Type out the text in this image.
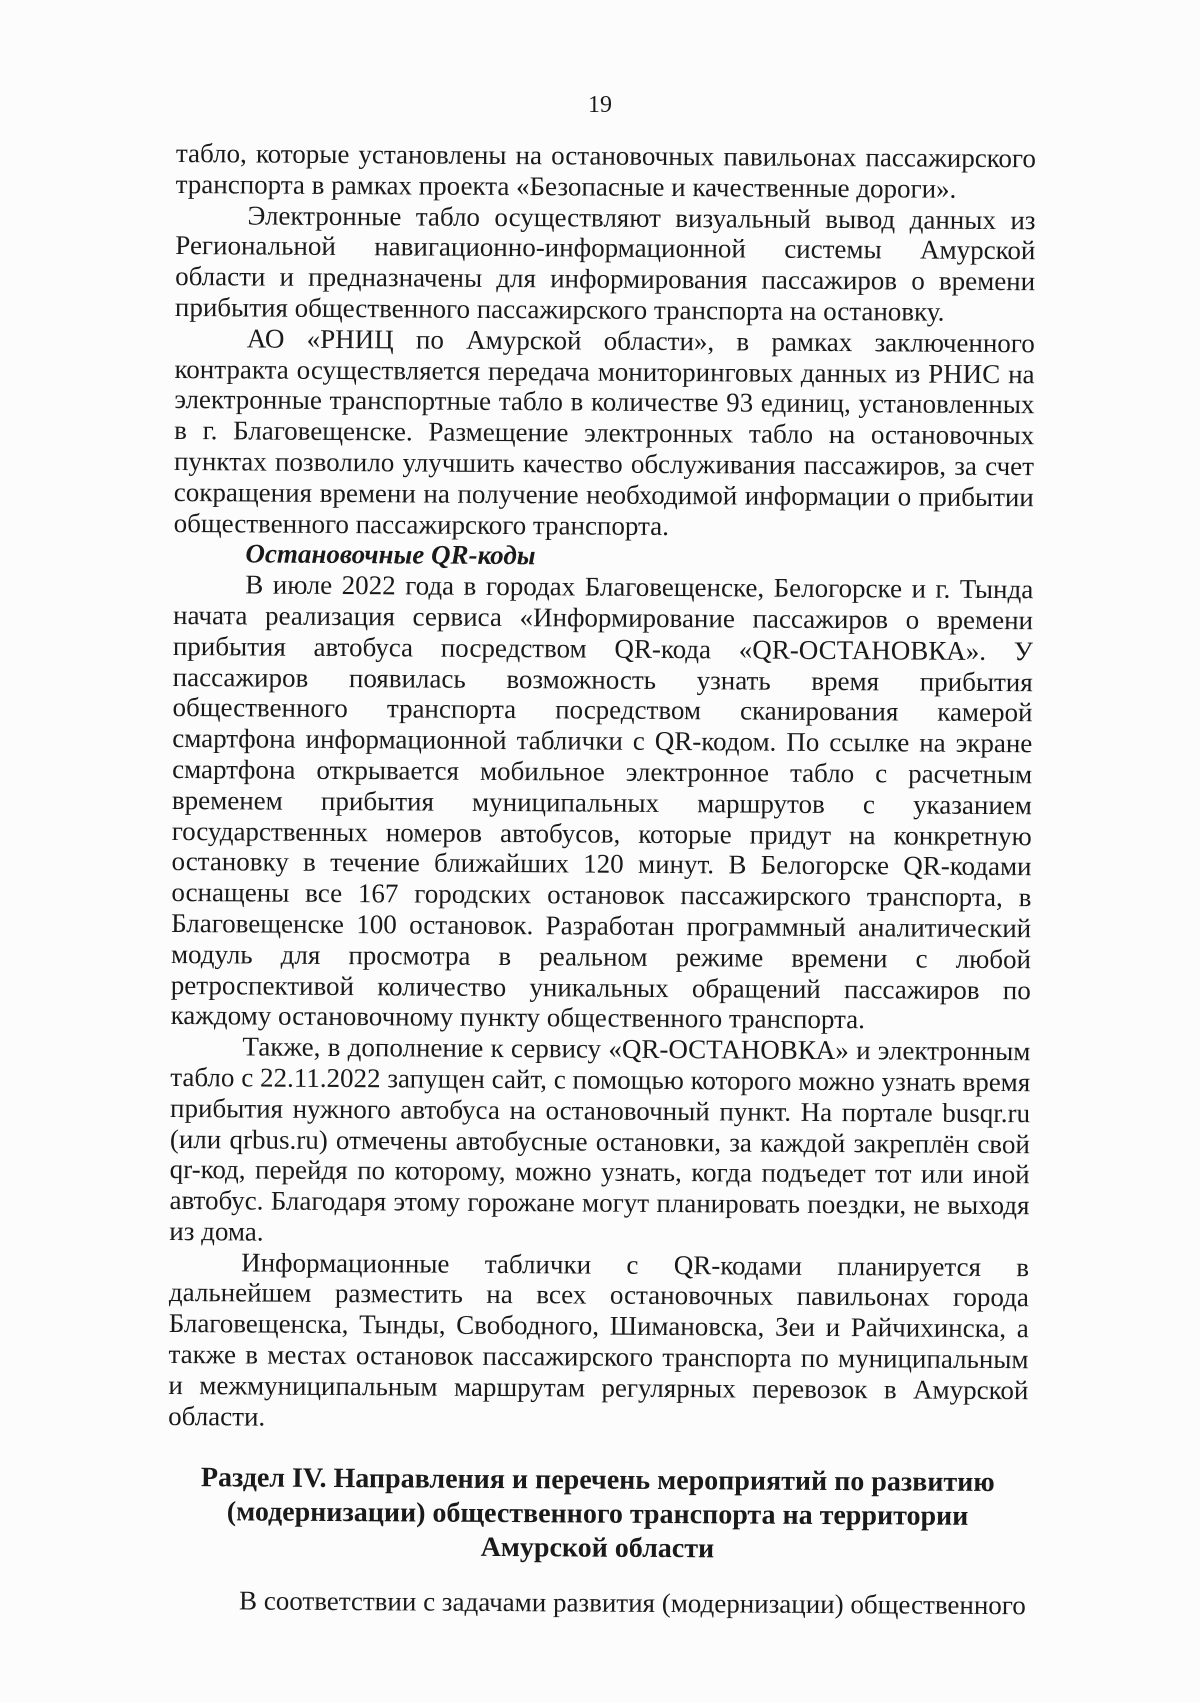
19

табло, которые установлены на остановочных павильонах пассажирского транспорта в рамках проекта «Безопасные и качественные дороги».

Электронные табло осуществляют визуальный вывод данных из Региональной навигационно-информационной системы Амурской области и предназначены для информирования пассажиров о времени прибытия общественного пассажирского транспорта на остановку.

АО «РНИЦ по Амурской области», в рамках заключенного контракта осуществляется передача мониторинговых данных из РНИС на электронные транспортные табло в количестве 93 единиц, установленных в г. Благовещенске. Размещение электронных табло на остановочных пунктах позволило улучшить качество обслуживания пассажиров, за счет сокращения времени на получение необходимой информации о прибытии общественного пассажирского транспорта.

Остановочные QR-коды

В июле 2022 года в городах Благовещенске, Белогорске и г. Тында начата реализация сервиса «Информирование пассажиров о времени прибытия автобуса посредством QR-кода «QR-ОСТАНОВКА». У пассажиров появилась возможность узнать время прибытия общественного транспорта посредством сканирования камерой смартфона информационной таблички с QR-кодом. По ссылке на экране смартфона открывается мобильное электронное табло с расчетным временем прибытия муниципальных маршрутов с указанием государственных номеров автобусов, которые придут на конкретную остановку в течение ближайших 120 минут. В Белогорске QR-кодами оснащены все 167 городских остановок пассажирского транспорта, в Благовещенске 100 остановок. Разработан программный аналитический модуль для просмотра в реальном режиме времени с любой ретроспективой количество уникальных обращений пассажиров по каждому остановочному пункту общественного транспорта.

Также, в дополнение к сервису «QR-ОСТАНОВКА» и электронным табло с 22.11.2022 запущен сайт, с помощью которого можно узнать время прибытия нужного автобуса на остановочный пункт. На портале busqr.ru (или qrbus.ru) отмечены автобусные остановки, за каждой закреплён свой qr-код, перейдя по которому, можно узнать, когда подъедет тот или иной автобус. Благодаря этому горожане могут планировать поездки, не выходя из дома.

Информационные таблички с QR-кодами планируется в дальнейшем разместить на всех остановочных павильонах города Благовещенска, Тынды, Свободного, Шимановска, Зеи и Райчихинска, а также в местах остановок пассажирского транспорта по муниципальным и межмуниципальным маршрутам регулярных перевозок в Амурской области.

Раздел IV. Направления и перечень мероприятий по развитию
(модернизации) общественного транспорта на территории
Амурской области

В соответствии с задачами развития (модернизации) общественного
